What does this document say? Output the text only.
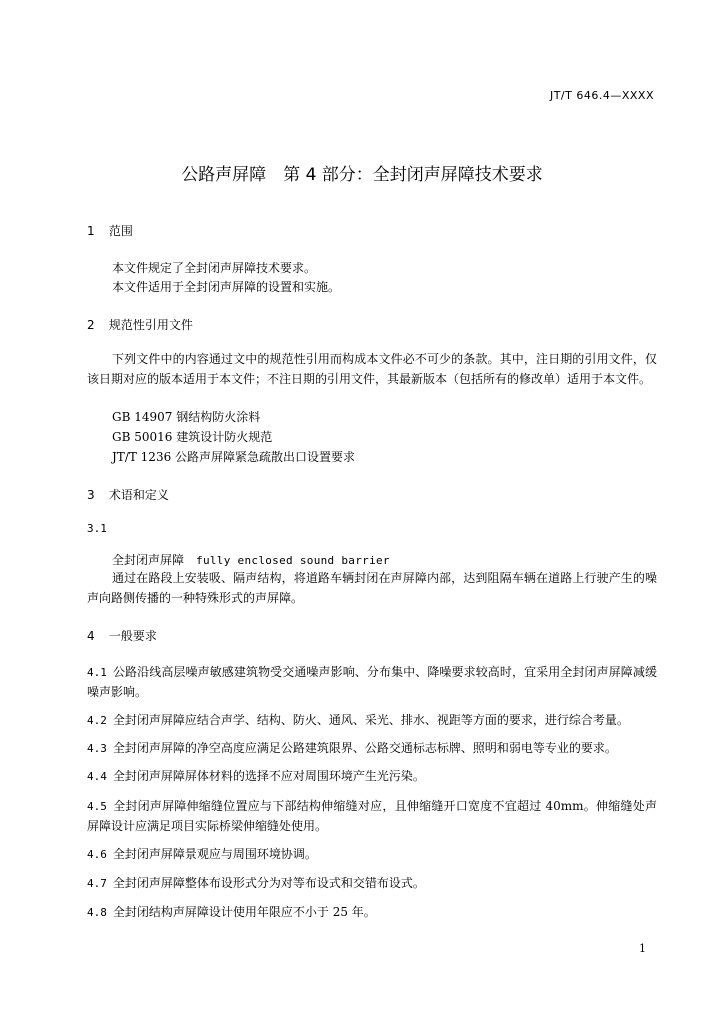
JT/T 646.4—XXXX
公路声屏障　第 4 部分：全封闭声屏障技术要求
1 范围
本文件规定了全封闭声屏障技术要求。
本文件适用于全封闭声屏障的设置和实施。
2 规范性引用文件
下列文件中的内容通过文中的规范性引用而构成本文件必不可少的条款。其中，注日期的引用文件，仅该日期对应的版本适用于本文件；不注日期的引用文件，其最新版本（包括所有的修改单）适用于本文件。
GB 14907 钢结构防火涂料
GB 50016 建筑设计防火规范
JT/T 1236 公路声屏障紧急疏散出口设置要求
3 术语和定义
3.1
全封闭声屏障 fully enclosed sound barrier
通过在路段上安装吸、隔声结构，将道路车辆封闭在声屏障内部，达到阻隔车辆在道路上行驶产生的噪声向路侧传播的一种特殊形式的声屏障。
4 一般要求
4.1 公路沿线高层噪声敏感建筑物受交通噪声影响、分布集中、降噪要求较高时，宜采用全封闭声屏障减缓噪声影响。
4.2 全封闭声屏障应结合声学、结构、防火、通风、采光、排水、视距等方面的要求，进行综合考量。
4.3 全封闭声屏障的净空高度应满足公路建筑限界、公路交通标志标牌、照明和弱电等专业的要求。
4.4 全封闭声屏障屏体材料的选择不应对周围环境产生光污染。
4.5 全封闭声屏障伸缩缝位置应与下部结构伸缩缝对应，且伸缩缝开口宽度不宜超过 40mm。伸缩缝处声屏障设计应满足项目实际桥梁伸缩缝处使用。
4.6 全封闭声屏障景观应与周围环境协调。
4.7 全封闭声屏障整体布设形式分为对等布设式和交错布设式。
4.8 全封闭结构声屏障设计使用年限应不小于 25 年。
1
